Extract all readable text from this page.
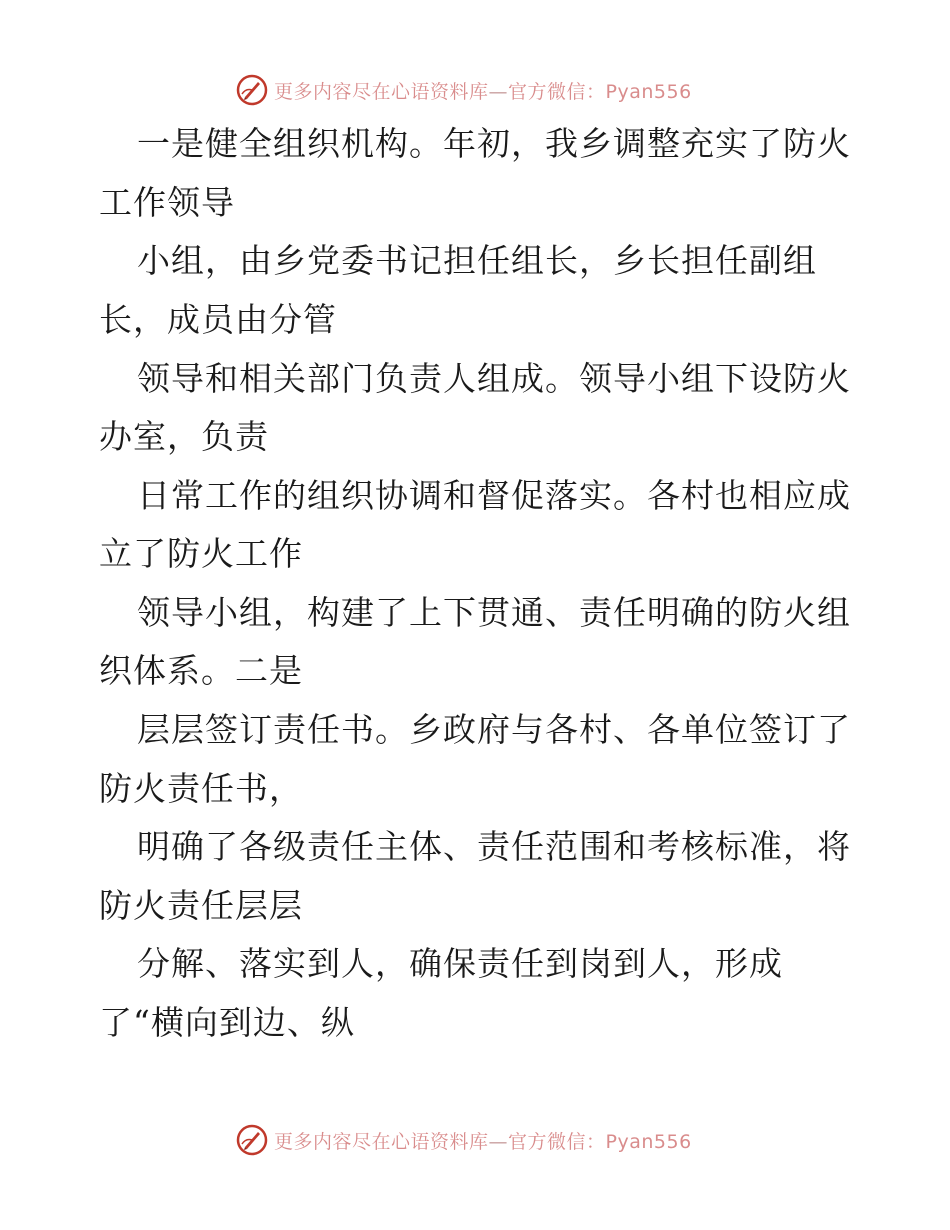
更多内容尽在心语资料库—官方微信：Pyan556
一是健全组织机构。年初，我乡调整充实了防火
工作领导
小组，由乡党委书记担任组长，乡长担任副组
长，成员由分管
领导和相关部门负责人组成。领导小组下设防火
办室，负责
日常工作的组织协调和督促落实。各村也相应成
立了防火工作
领导小组，构建了上下贯通、责任明确的防火组
织体系。二是
层层签订责任书。乡政府与各村、各单位签订了
防火责任书，
明确了各级责任主体、责任范围和考核标准，将
防火责任层层
分解、落实到人，确保责任到岗到人，形成
了“横向到边、纵
更多内容尽在心语资料库—官方微信：Pyan556
